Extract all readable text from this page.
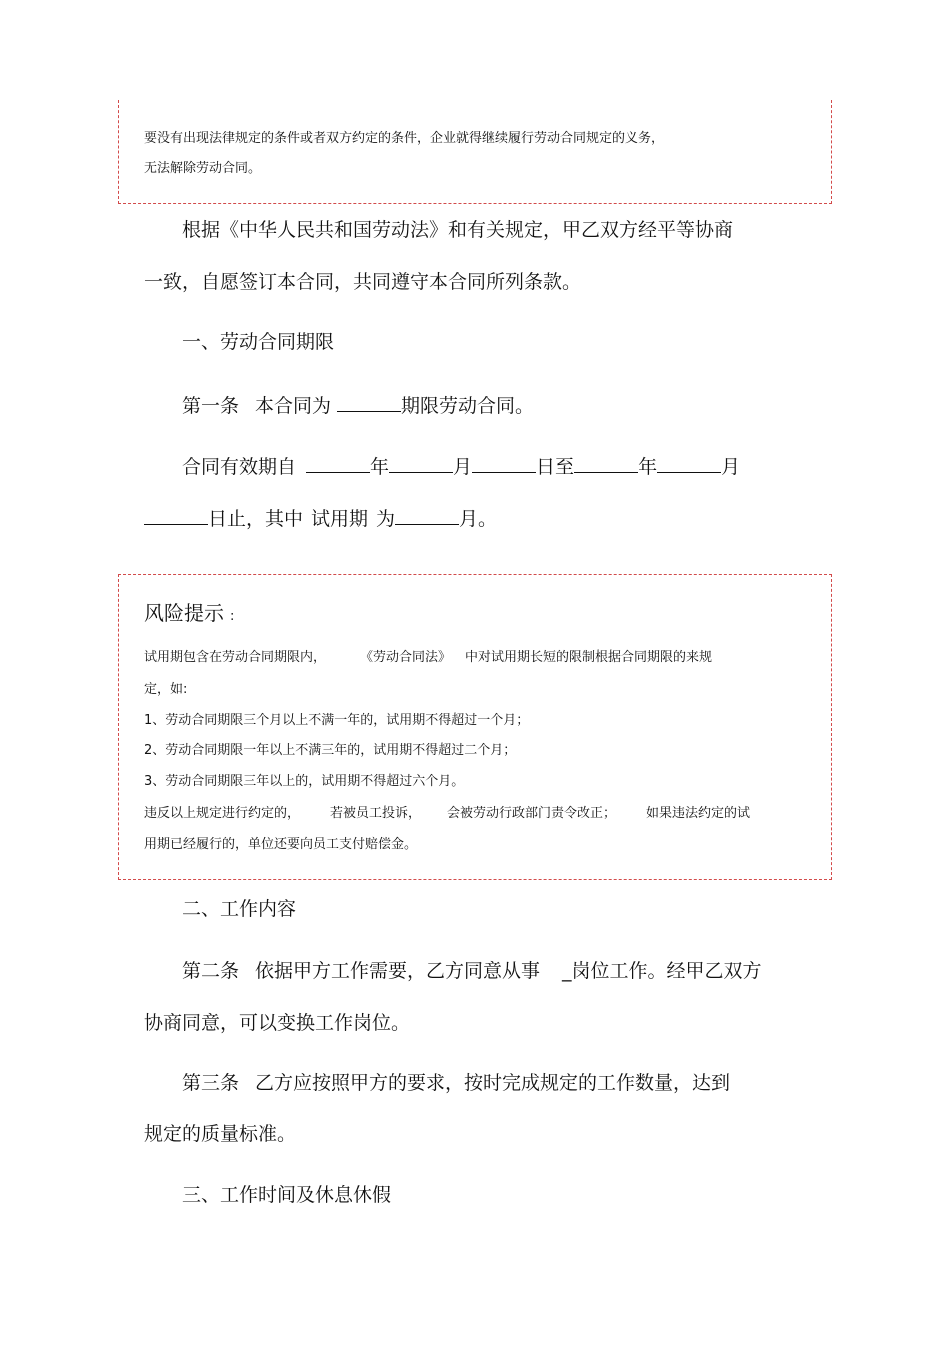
要没有出现法律规定的条件或者双方约定的条件，企业就得继续履行劳动合同规定的义务，
无法解除劳动合同。
根据《中华人民共和国劳动法》和有关规定，甲乙双方经平等协商
一致，自愿签订本合同，共同遵守本合同所列条款。
一、劳动合同期限
第一条 本合同为	期限劳动合同。
合同有效期自	年	月	日至	年	月
日止，其中 试用期 为	月。
风险提示 :
试用期包含在劳动合同期限内，	《劳动合同法》 中对试用期长短的限制根据合同期限的来规
定，如:
1、劳动合同期限三个月以上不满一年的，试用期不得超过一个月；
2、劳动合同期限一年以上不满三年的，试用期不得超过二个月；
3、劳动合同期限三年以上的，试用期不得超过六个月。
违反以上规定进行约定的， 若被员工投诉， 会被劳动行政部门责令改正； 如果违法约定的试
用期已经履行的，单位还要向员工支付赔偿金。
二、工作内容
第二条 依据甲方工作需要，乙方同意从事 _岗位工作。经甲乙双方
协商同意，可以变换工作岗位。
第三条 乙方应按照甲方的要求，按时完成规定的工作数量，达到
规定的质量标准。
三、工作时间及休息休假
